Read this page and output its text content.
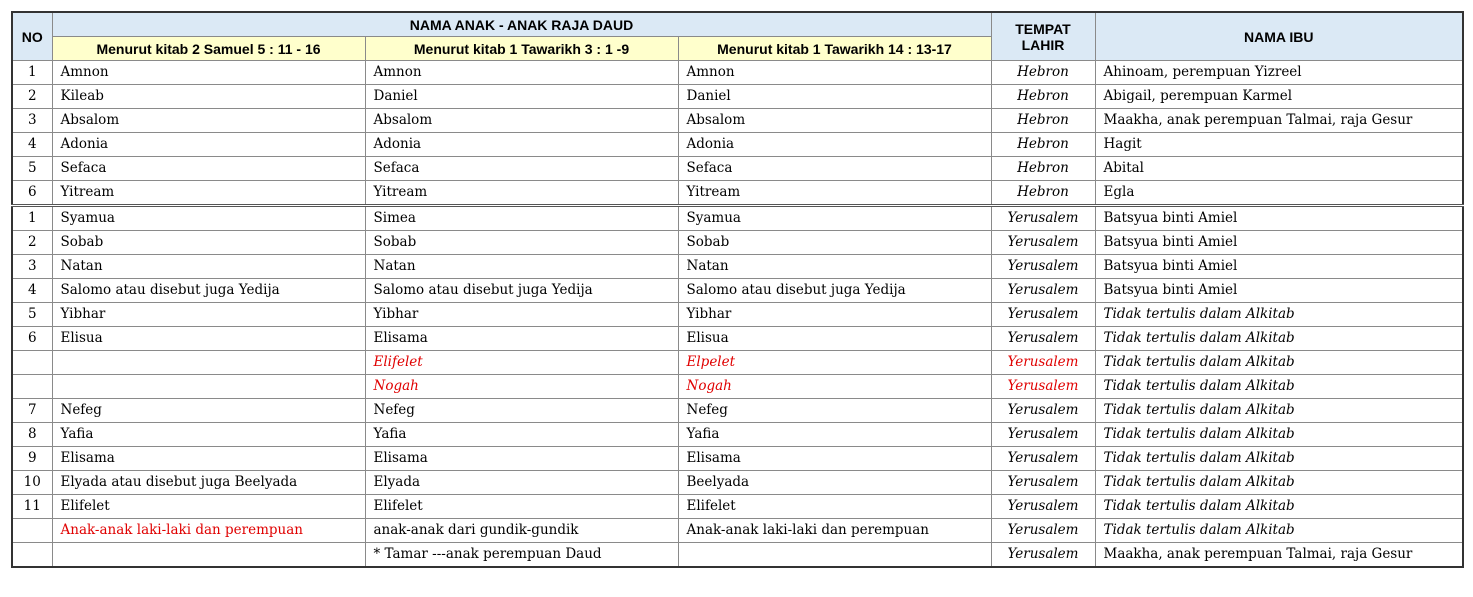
NO	NAMA ANAK - ANAK RAJA DAUD			TEMPAT LAHIR	NAMA IBU
	Menurut kitab 2 Samuel 5 : 11 - 16	Menurut kitab 1 Tawarikh 3 : 1 -9	Menurut kitab 1 Tawarikh 14 : 13-17		
1	Amnon	Amnon	Amnon	Hebron	Ahinoam, perempuan Yizreel
2	Kileab	Daniel	Daniel	Hebron	Abigail, perempuan Karmel
3	Absalom	Absalom	Absalom	Hebron	Maakha, anak perempuan Talmai, raja Gesur
4	Adonia	Adonia	Adonia	Hebron	Hagit
5	Sefaca	Sefaca	Sefaca	Hebron	Abital
6	Yitream	Yitream	Yitream	Hebron	Egla
1	Syamua	Simea	Syamua	Yerusalem	Batsyua binti Amiel
2	Sobab	Sobab	Sobab	Yerusalem	Batsyua binti Amiel
3	Natan	Natan	Natan	Yerusalem	Batsyua binti Amiel
4	Salomo atau disebut juga Yedija	Salomo atau disebut juga Yedija	Salomo atau disebut juga Yedija	Yerusalem	Batsyua binti Amiel
5	Yibhar	Yibhar	Yibhar	Yerusalem	Tidak tertulis dalam Alkitab
6	Elisua	Elisama	Elisua	Yerusalem	Tidak tertulis dalam Alkitab
		Elifelet	Elpelet	Yerusalem	Tidak tertulis dalam Alkitab
		Nogah	Nogah	Yerusalem	Tidak tertulis dalam Alkitab
7	Nefeg	Nefeg	Nefeg	Yerusalem	Tidak tertulis dalam Alkitab
8	Yafia	Yafia	Yafia	Yerusalem	Tidak tertulis dalam Alkitab
9	Elisama	Elisama	Elisama	Yerusalem	Tidak tertulis dalam Alkitab
10	Elyada atau disebut juga Beelyada	Elyada	Beelyada	Yerusalem	Tidak tertulis dalam Alkitab
11	Elifelet	Elifelet	Elifelet	Yerusalem	Tidak tertulis dalam Alkitab
	Anak-anak laki-laki dan perempuan	anak-anak dari gundik-gundik	Anak-anak laki-laki dan perempuan	Yerusalem	Tidak tertulis dalam Alkitab
		* Tamar ---anak perempuan Daud		Yerusalem	Maakha, anak perempuan Talmai, raja Gesur
